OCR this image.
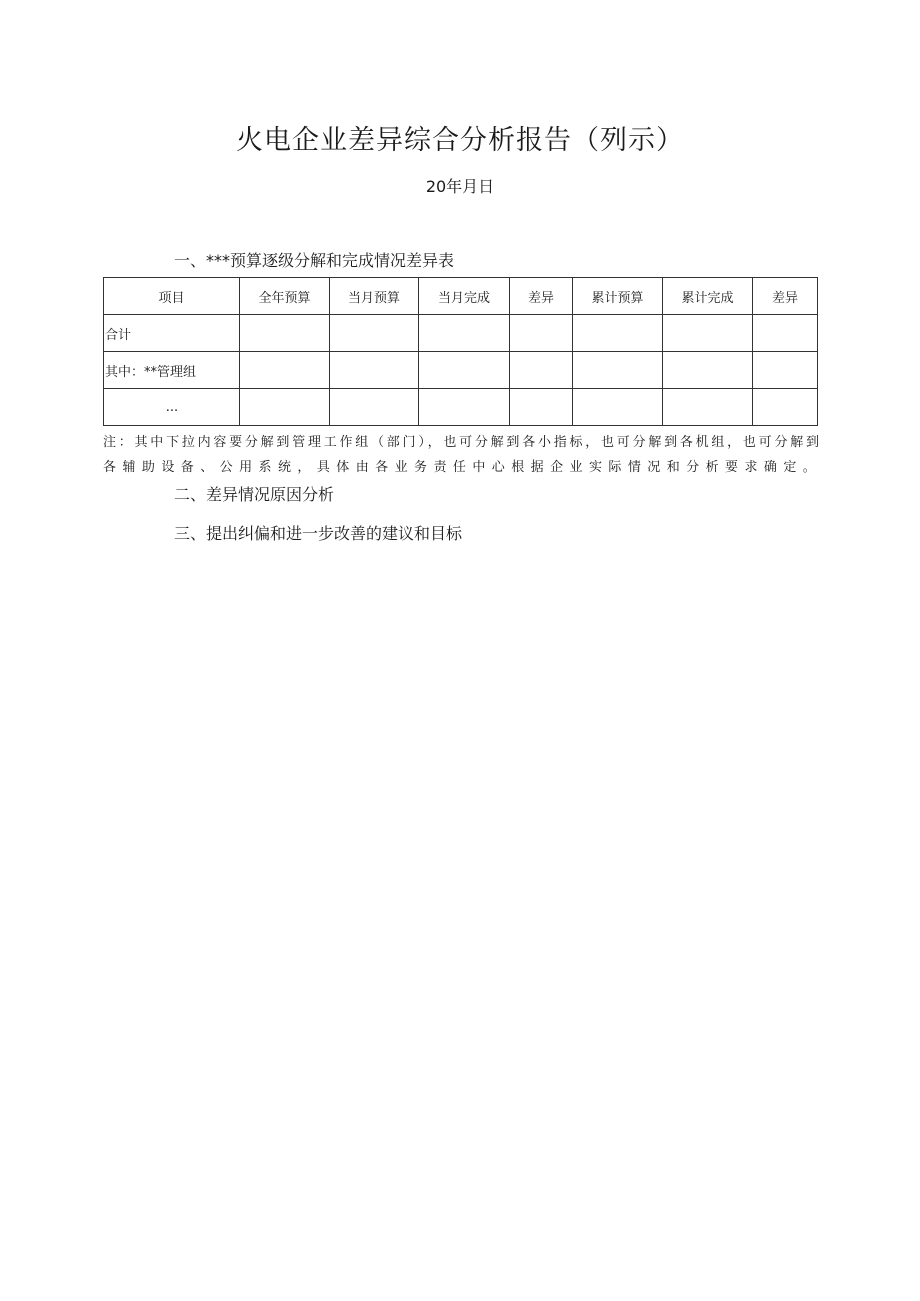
火电企业差异综合分析报告（列示）
20年月日
一、***预算逐级分解和完成情况差异表
项目	全年预算	当月预算	当月完成	差异	累计预算	累计完成	差异
合计							
其中：**管理组							
...							
注：其中下拉内容要分解到管理工作组（部门），也可分解到各小指标，也可分解到各机组，也可分解到
各辅助设备、公用系统，具体由各业务责任中心根据企业实际情况和分析要求确定。
二、差异情况原因分析
三、提出纠偏和进一步改善的建议和目标
